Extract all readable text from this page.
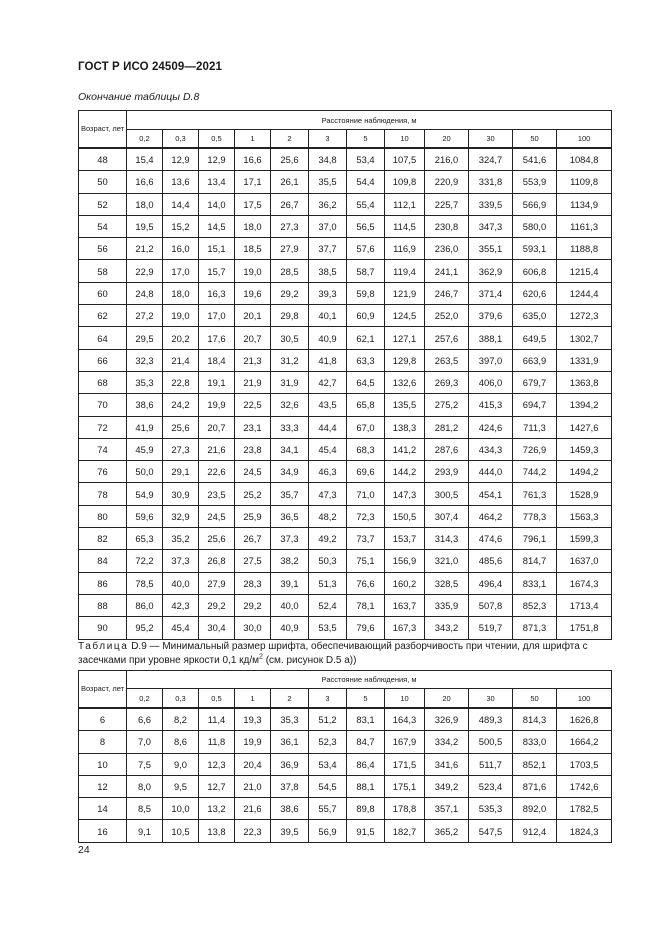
ГОСТ Р ИСО 24509—2021
Окончание таблицы D.8
Возраст, лет	Расстояние наблюдения, м											
	0,2	0,3	0,5	1	2	3	5	10	20	30	50	100
48	15,4	12,9	12,9	16,6	25,6	34,8	53,4	107,5	216,0	324,7	541,6	1084,8
50	16,6	13,6	13,4	17,1	26,1	35,5	54,4	109,8	220,9	331,8	553,9	1109,8
52	18,0	14,4	14,0	17,5	26,7	36,2	55,4	112,1	225,7	339,5	566,9	1134,9
54	19,5	15,2	14,5	18,0	27,3	37,0	56,5	114,5	230,8	347,3	580,0	1161,3
56	21,2	16,0	15,1	18,5	27,9	37,7	57,6	116,9	236,0	355,1	593,1	1188,8
58	22,9	17,0	15,7	19,0	28,5	38,5	58,7	119,4	241,1	362,9	606,8	1215,4
60	24,8	18,0	16,3	19,6	29,2	39,3	59,8	121,9	246,7	371,4	620,6	1244,4
62	27,2	19,0	17,0	20,1	29,8	40,1	60,9	124,5	252,0	379,6	635,0	1272,3
64	29,5	20,2	17,6	20,7	30,5	40,9	62,1	127,1	257,6	388,1	649,5	1302,7
66	32,3	21,4	18,4	21,3	31,2	41,8	63,3	129,8	263,5	397,0	663,9	1331,9
68	35,3	22,8	19,1	21,9	31,9	42,7	64,5	132,6	269,3	406,0	679,7	1363,8
70	38,6	24,2	19,9	22,5	32,6	43,5	65,8	135,5	275,2	415,3	694,7	1394,2
72	41,9	25,6	20,7	23,1	33,3	44,4	67,0	138,3	281,2	424,6	711,3	1427,6
74	45,9	27,3	21,6	23,8	34,1	45,4	68,3	141,2	287,6	434,3	726,9	1459,3
76	50,0	29,1	22,6	24,5	34,9	46,3	69,6	144,2	293,9	444,0	744,2	1494,2
78	54,9	30,9	23,5	25,2	35,7	47,3	71,0	147,3	300,5	454,1	761,3	1528,9
80	59,6	32,9	24,5	25,9	36,5	48,2	72,3	150,5	307,4	464,2	778,3	1563,3
82	65,3	35,2	25,6	26,7	37,3	49,2	73,7	153,7	314,3	474,6	796,1	1599,3
84	72,2	37,3	26,8	27,5	38,2	50,3	75,1	156,9	321,0	485,6	814,7	1637,0
86	78,5	40,0	27,9	28,3	39,1	51,3	76,6	160,2	328,5	496,4	833,1	1674,3
88	86,0	42,3	29,2	29,2	40,0	52,4	78,1	163,7	335,9	507,8	852,3	1713,4
90	95,2	45,4	30,4	30,0	40,9	53,5	79,6	167,3	343,2	519,7	871,3	1751,8
Таблица D.9 — Минимальный размер шрифта, обеспечивающий разборчивость при чтении, для шрифта с засечками при уровне яркости 0,1 $кд/м^2$ (см. рисунок D.5 a))
Возраст, лет	Расстояние наблюдения, м											
	0,2	0,3	0,5	1	2	3	5	10	20	30	50	100
6	6,6	8,2	11,4	19,3	35,3	51,2	83,1	164,3	326,9	489,3	814,3	1626,8
8	7,0	8,6	11,8	19,9	36,1	52,3	84,7	167,9	334,2	500,5	833,0	1664,2
10	7,5	9,0	12,3	20,4	36,9	53,4	86,4	171,5	341,6	511,7	852,1	1703,5
12	8,0	9,5	12,7	21,0	37,8	54,5	88,1	175,1	349,2	523,4	871,6	1742,6
14	8,5	10,0	13,2	21,6	38,6	55,7	89,8	178,8	357,1	535,3	892,0	1782,5
16	9,1	10,5	13,8	22,3	39,5	56,9	91,5	182,7	365,2	547,5	912,4	1824,3
24
